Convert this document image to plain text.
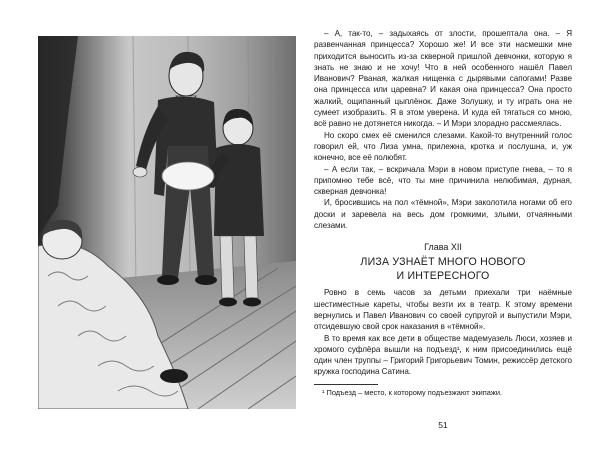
– А, так-то, – задыхаясь от злости, прошептала она. – Я развенчанная принцесса? Хорошо же! И все эти насмешки мне приходится выносить из-за скверной пришлой девчонки, которую я знать не знаю и не хочу! Что в ней особенного нашёл Павел Иванович? Рваная, жалкая нищенка с дырявыми сапогами! Разве она принцесса или царевна? И какая она принцесса? Она просто жалкий, ощипанный цыплёнок. Даже Золушку, и ту играть она не сумеет изобразить. Я в этом уверена. И куда ей тягаться со мною, всё равно не дотянется никогда. – И Мэри злорадно рассмеялась.

Но скоро смех её сменился слезами. Какой-то внутренний голос говорил ей, что Лиза умна, прилежна, кротка и послушна, и, уж конечно, все её полюбят.

– А если так, – вскричала Мэри в новом приступе гнева, – то я припомню тебе всё, что ты мне причинила нелюбимая, дурная, скверная девчонка!

И, бросившись на пол «тёмной», Мэри заколотила ногами об его доски и заревела на весь дом громкими, злыми, отчаянными слезами.

Глава XII
ЛИЗА УЗНАЁТ МНОГО НОВОГО
И ИНТЕРЕСНОГО

Ровно в семь часов за детьми приехали три наёмные шестиместные кареты, чтобы везти их в театр. К этому времени вернулись и Павел Иванович со своей супругой и выпустили Мэри, отсидевшую свой срок наказания в «тёмной».

В то время как все дети в обществе мадемуазель Люси, хозяев и хромого суфлёра вышли на подъезд¹, к ним присоединились ещё один член труппы – Григорий Григорьевич Томин, режиссёр детского кружка господина Сатина.

¹ Подъезд – место, к которому подъезжают экипажи.

51
